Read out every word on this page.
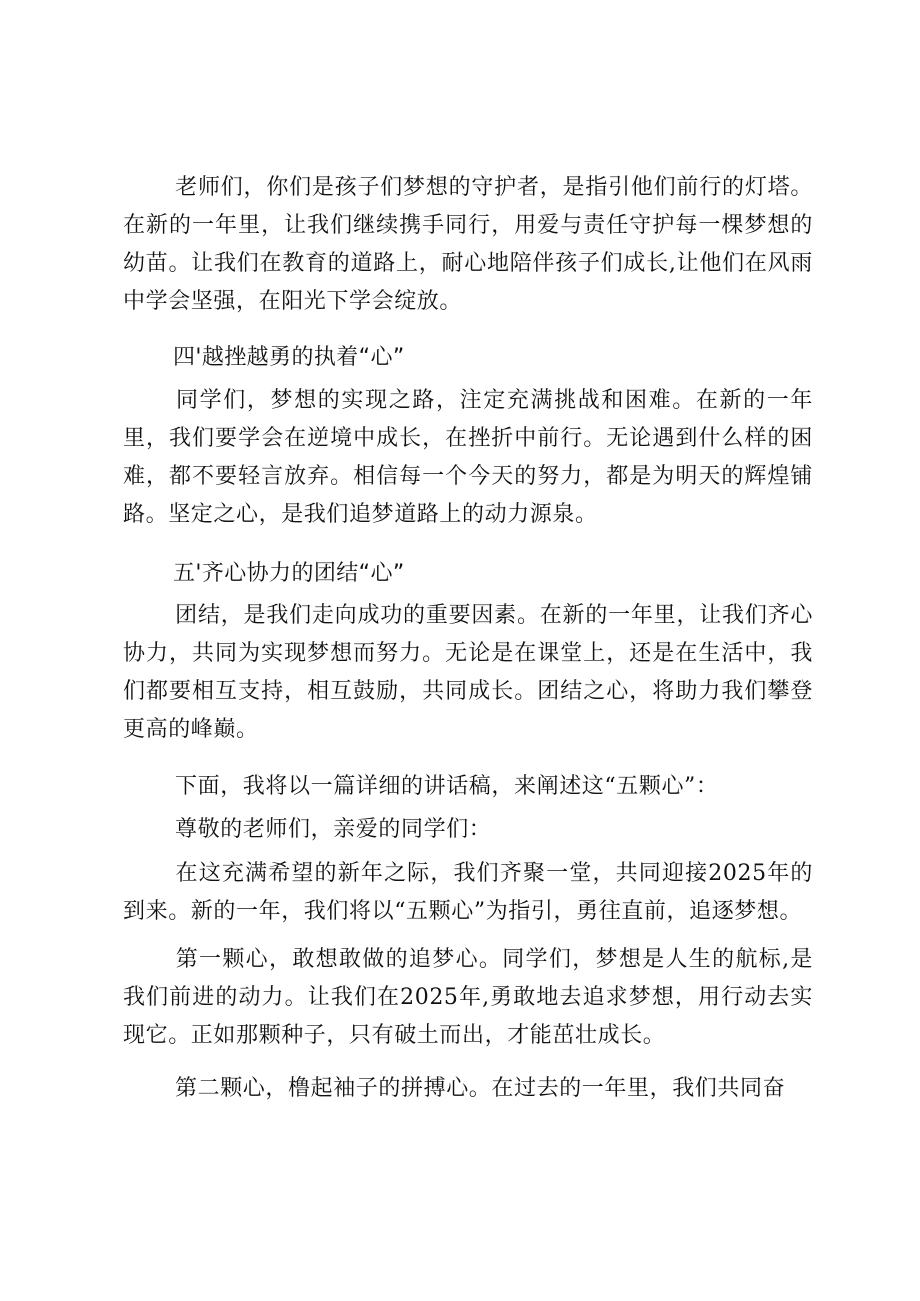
老师们，你们是孩子们梦想的守护者，是指引他们前行的灯塔。在新的一年里，让我们继续携手同行，用爱与责任守护每一棵梦想的幼苗。让我们在教育的道路上，耐心地陪伴孩子们成长,让他们在风雨中学会坚强，在阳光下学会绽放。
四'越挫越勇的执着“心”
同学们，梦想的实现之路，注定充满挑战和困难。在新的一年里，我们要学会在逆境中成长，在挫折中前行。无论遇到什么样的困难，都不要轻言放弃。相信每一个今天的努力，都是为明天的辉煌铺路。坚定之心，是我们追梦道路上的动力源泉。
五'齐心协力的团结“心”
团结，是我们走向成功的重要因素。在新的一年里，让我们齐心协力，共同为实现梦想而努力。无论是在课堂上，还是在生活中，我们都要相互支持，相互鼓励，共同成长。团结之心，将助力我们攀登更高的峰巅。
下面，我将以一篇详细的讲话稿，来阐述这“五颗心”：
尊敬的老师们，亲爱的同学们：
在这充满希望的新年之际，我们齐聚一堂，共同迎接2025年的到来。新的一年，我们将以“五颗心”为指引，勇往直前，追逐梦想。
第一颗心，敢想敢做的追梦心。同学们，梦想是人生的航标,是我们前进的动力。让我们在2025年,勇敢地去追求梦想，用行动去实现它。正如那颗种子，只有破土而出，才能茁壮成长。
第二颗心，橹起袖子的拼搏心。在过去的一年里，我们共同奋
